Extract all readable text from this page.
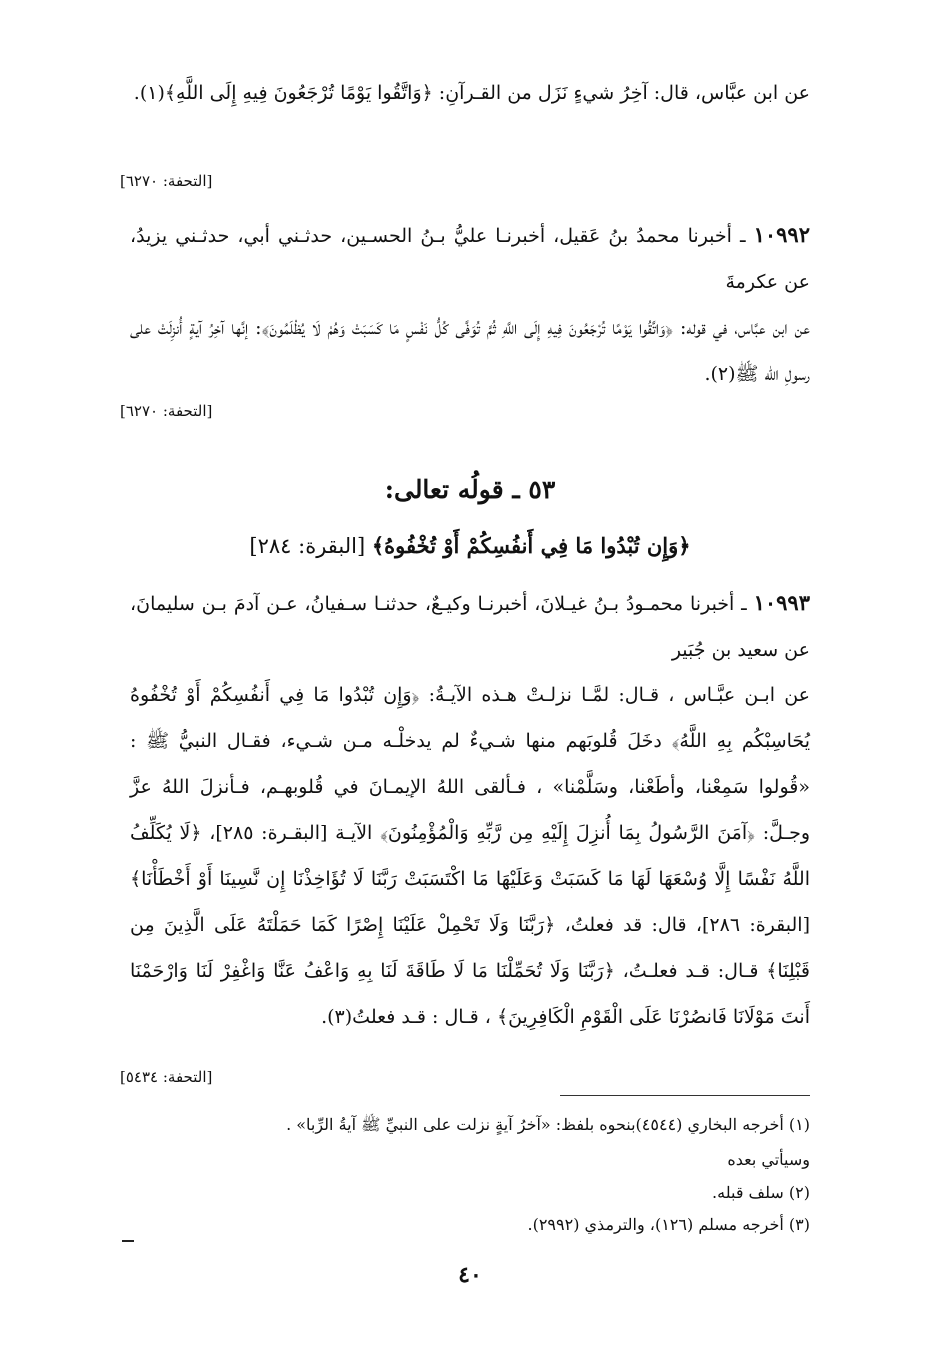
عن ابن عبَّاس، قال: آخِرُ شيءٍ نَزَل من القـرآنِ: ﴿وَاتَّقُوا يَوْمًا تُرْجَعُونَ فِيهِ إِلَى اللَّهِ﴾(١).
[التحفة: ٦٢٧٠]
١٠٩٩٢ ـ أخبرنا محمدُ بنُ عَقيل، أخبرنـا عليُّ بـنُ الحسـين، حدثـني أبي، حدثـني يزيدُ، عن عكرمةَ
عن ابن عبَّاس، في قوله: ﴿وَاتَّقُوا يَوْمًا تُرْجَعُونَ فِيهِ إِلَى اللَّهِ ثُمَّ تُوَفَّى كُلُّ نَفْسٍ مَا كَسَبَتْ وَهُمْ لَا يُظْلَمُونَ﴾: إنَّها آخِرُ آيةٍ أُنزِلَتْ على رسولِ الله ﷺ(٢).
[التحفة: ٦٢٧٠]
٥٣ ـ قولُه تعالى:
﴿وَإِن تُبْدُوا مَا فِي أَنفُسِكُمْ أَوْ تُخْفُوهُ﴾ [البقرة: ٢٨٤]
١٠٩٩٣ ـ أخبرنا محمـودُ بـنُ غيـلانَ، أخبرنـا وكيـعٌ، حدثنـا سـفيانُ، عـن آدمَ بـن سليمانَ، عن سعيد بن جُبَير
عن ابـن عبَّـاس ، قـال: لمَّـا نزلـتْ هـذه الآيـةُ: ﴿وَإِن تُبْدُوا مَا فِي أَنفُسِكُمْ أَوْ تُخْفُوهُ يُحَاسِبْكُم بِهِ اللَّهُ﴾ دخَلَ قُلوبَهم منها شـيءٌ لم يدخلْـه مـن شـيء، فقـال النبيُّ ﷺ : «قُولوا سَمِعْنا، وأطَعْنا، وسَلَّمْنا» ، فـألقى اللهُ الإيمـانَ في قُلوبهـم، فـأنزلَ اللهُ عزَّ وجـلَّ: ﴿آمَنَ الرَّسُولُ بِمَا أُنزِلَ إِلَيْهِ مِن رَّبِّهِ وَالْمُؤْمِنُونَ﴾ الآيـة [البقـرة: ٢٨٥]، ﴿لَا يُكَلِّفُ اللَّهُ نَفْسًا إِلَّا وُسْعَهَا لَهَا مَا كَسَبَتْ وَعَلَيْهَا مَا اكْتَسَبَتْ رَبَّنَا لَا تُؤَاخِذْنَا إِن نَّسِينَا أَوْ أَخْطَأْنَا﴾ [البقرة: ٢٨٦]، قال: قد فعلتُ، ﴿رَبَّنَا وَلَا تَحْمِلْ عَلَيْنَا إِصْرًا كَمَا حَمَلْتَهُ عَلَى الَّذِينَ مِن قَبْلِنَا﴾ قـال: قـد فعلـتُ، ﴿رَبَّنَا وَلَا تُحَمِّلْنَا مَا لَا طَاقَةَ لَنَا بِهِ وَاعْفُ عَنَّا وَاغْفِرْ لَنَا وَارْحَمْنَا أَنتَ مَوْلَانَا فَانصُرْنَا عَلَى الْقَوْمِ الْكَافِرِينَ﴾ ، قـال : قـد فعلتُ(٣).
[التحفة: ٥٤٣٤]
(١) أخرجه البخاري (٤٥٤٤)بنحوه بلفظ: «آخرُ آيةٍ نزلت على النبيِّ ﷺ آيةُ الرِّبا» .
وسيأتي بعده
(٢) سلف قبله.
(٣) أخرجه مسلم (١٢٦)، والترمذي (٢٩٩٢).
٤٠
